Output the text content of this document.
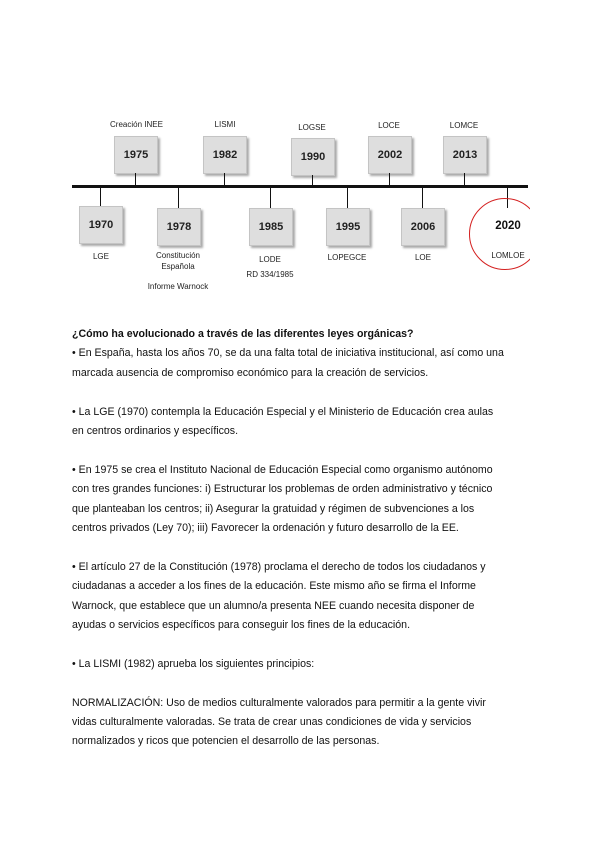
Creación INEE
1975
LISMI
1982
LOGSE
1990
LOCE
2002
LOMCE
2013
1970
LGE
1978
Constitución
Española
Informe Warnock
1985
LODE
RD 334/1985
1995
LOPEGCE
2006
LOE
2020
LOMLOE

¿Cómo ha evolucionado a través de las diferentes leyes orgánicas?

• En España, hasta los años 70, se da una falta total de iniciativa institucional, así como una

marcada ausencia de compromiso económico para la creación de servicios.

• La LGE (1970) contempla la Educación Especial y el Ministerio de Educación crea aulas

en centros ordinarios y específicos.

• En 1975 se crea el Instituto Nacional de Educación Especial como organismo autónomo

con tres grandes funciones: i) Estructurar los problemas de orden administrativo y técnico

que planteaban los centros; ii) Asegurar la gratuidad y régimen de subvenciones a los

centros privados (Ley 70); iii) Favorecer la ordenación y futuro desarrollo de la EE.

• El artículo 27 de la Constitución (1978) proclama el derecho de todos los ciudadanos y

ciudadanas a acceder a los fines de la educación. Este mismo año se firma el Informe

Warnock, que establece que un alumno/a presenta NEE cuando necesita disponer de

ayudas o servicios específicos para conseguir los fines de la educación.

• La LISMI (1982) aprueba los siguientes principios:

NORMALIZACIÓN: Uso de medios culturalmente valorados para permitir a la gente vivir

vidas culturalmente valoradas. Se trata de crear unas condiciones de vida y servicios

normalizados y ricos que potencien el desarrollo de las personas.
